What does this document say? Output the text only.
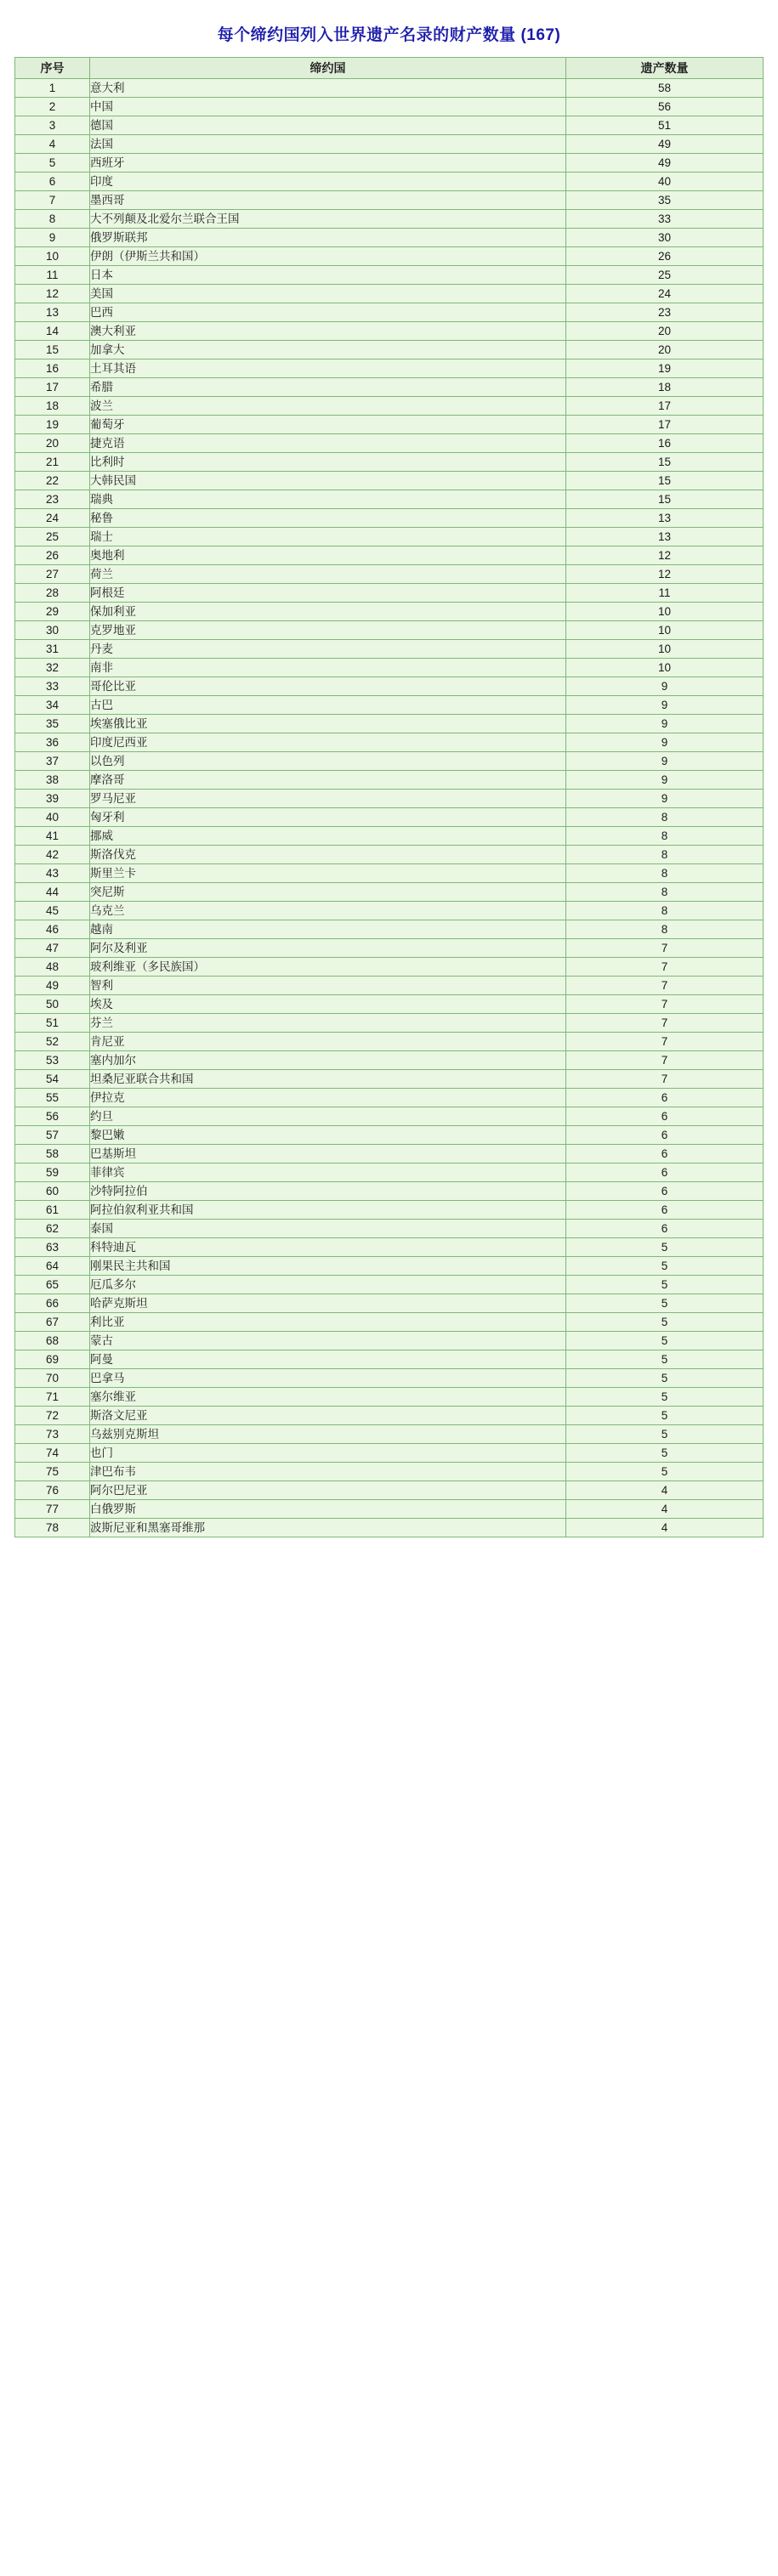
每个缔约国列入世界遗产名录的财产数量 (167)
序号	缔约国	遗产数量
1	意大利	58
2	中国	56
3	德国	51
4	法国	49
5	西班牙	49
6	印度	40
7	墨西哥	35
8	大不列颠及北爱尔兰联合王国	33
9	俄罗斯联邦	30
10	伊朗（伊斯兰共和国）	26
11	日本	25
12	美国	24
13	巴西	23
14	澳大利亚	20
15	加拿大	20
16	土耳其语	19
17	希腊	18
18	波兰	17
19	葡萄牙	17
20	捷克语	16
21	比利时	15
22	大韩民国	15
23	瑞典	15
24	秘鲁	13
25	瑞士	13
26	奥地利	12
27	荷兰	12
28	阿根廷	11
29	保加利亚	10
30	克罗地亚	10
31	丹麦	10
32	南非	10
33	哥伦比亚	9
34	古巴	9
35	埃塞俄比亚	9
36	印度尼西亚	9
37	以色列	9
38	摩洛哥	9
39	罗马尼亚	9
40	匈牙利	8
41	挪威	8
42	斯洛伐克	8
43	斯里兰卡	8
44	突尼斯	8
45	乌克兰	8
46	越南	8
47	阿尔及利亚	7
48	玻利维亚（多民族国）	7
49	智利	7
50	埃及	7
51	芬兰	7
52	肯尼亚	7
53	塞内加尔	7
54	坦桑尼亚联合共和国	7
55	伊拉克	6
56	约旦	6
57	黎巴嫩	6
58	巴基斯坦	6
59	菲律宾	6
60	沙特阿拉伯	6
61	阿拉伯叙利亚共和国	6
62	泰国	6
63	科特迪瓦	5
64	刚果民主共和国	5
65	厄瓜多尔	5
66	哈萨克斯坦	5
67	利比亚	5
68	蒙古	5
69	阿曼	5
70	巴拿马	5
71	塞尔维亚	5
72	斯洛文尼亚	5
73	乌兹别克斯坦	5
74	也门	5
75	津巴布韦	5
76	阿尔巴尼亚	4
77	白俄罗斯	4
78	波斯尼亚和黑塞哥维那	4
